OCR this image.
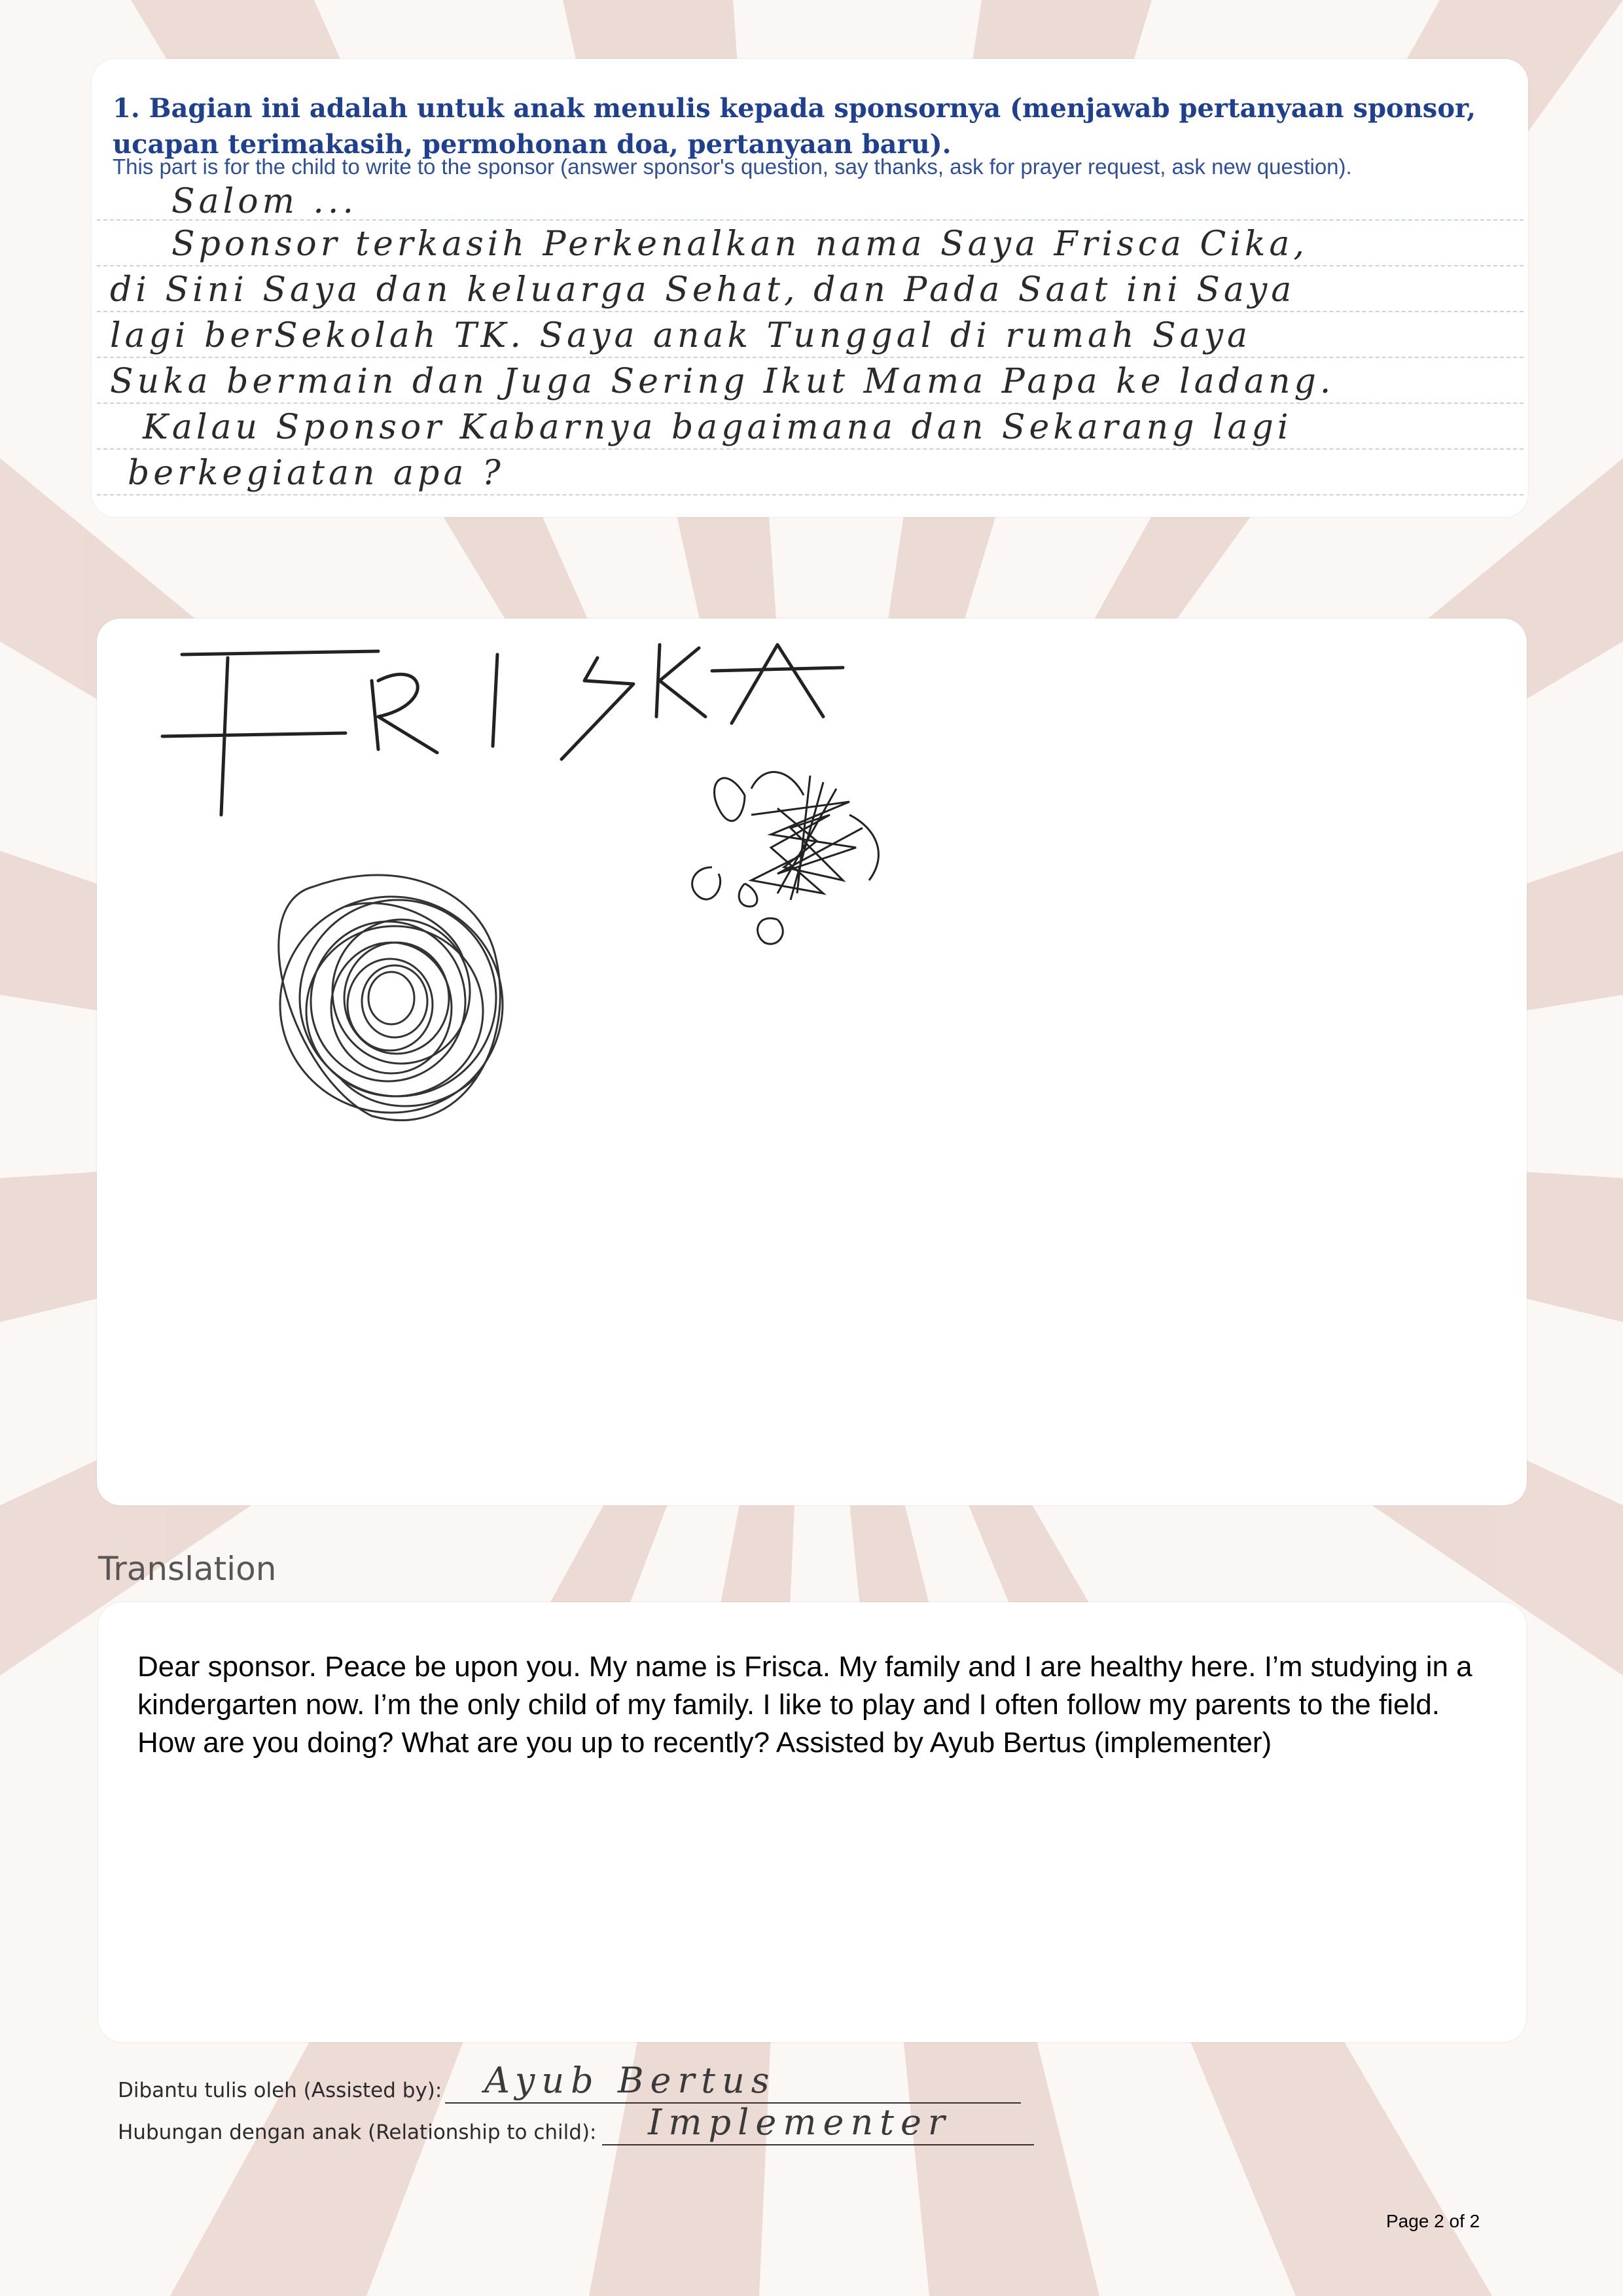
1. Bagian ini adalah untuk anak menulis kepada sponsornya (menjawab pertanyaan sponsor, ucapan terimakasih, permohonan doa, pertanyaan baru).

This part is for the child to write to the sponsor (answer sponsor's question, say thanks, ask for prayer request, ask new question).

Salom ...
Sponsor terkasih Perkenalkan nama Saya Frisca Cika,
di Sini Saya dan keluarga Sehat, dan Pada Saat ini Saya
lagi berSekolah TK. Saya anak Tunggal di rumah Saya
Suka bermain dan Juga Sering Ikut Mama Papa ke ladang.
Kalau Sponsor Kabarnya bagaimana dan Sekarang lagi
berkegiatan apa ?

Translation

Dear sponsor. Peace be upon you. My name is Frisca. My family and I are healthy here. I’m studying in a kindergarten now. I’m the only child of my family. I like to play and I often follow my parents to the field. How are you doing? What are you up to recently? Assisted by Ayub Bertus (implementer)

Dibantu tulis oleh (Assisted by): Ayub Bertus
Hubungan dengan anak (Relationship to child): Implementer

Page 2 of 2
